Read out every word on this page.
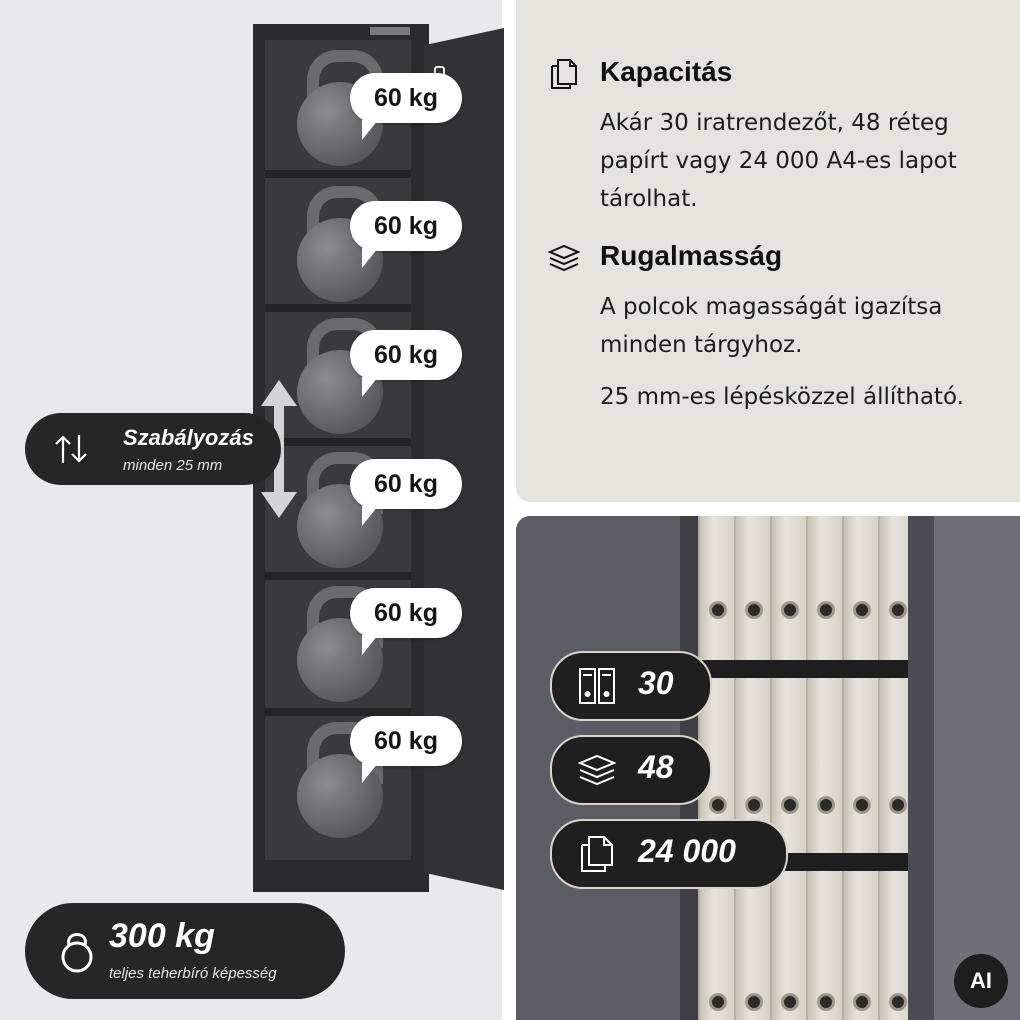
60 kg
60 kg
60 kg
60 kg
60 kg
60 kg
Szabályozás
minden 25 mm
300 kg
teljes teherbíró képesség
Kapacitás
Akár 30 iratrendezőt, 48 réteg papírt vagy 24 000 A4-es lapot tárolhat.
Rugalmasság
A polcok magasságát igazítsa minden tárgyhoz.
25 mm-es lépésközzel állítható.
30
48
24 000
AI
